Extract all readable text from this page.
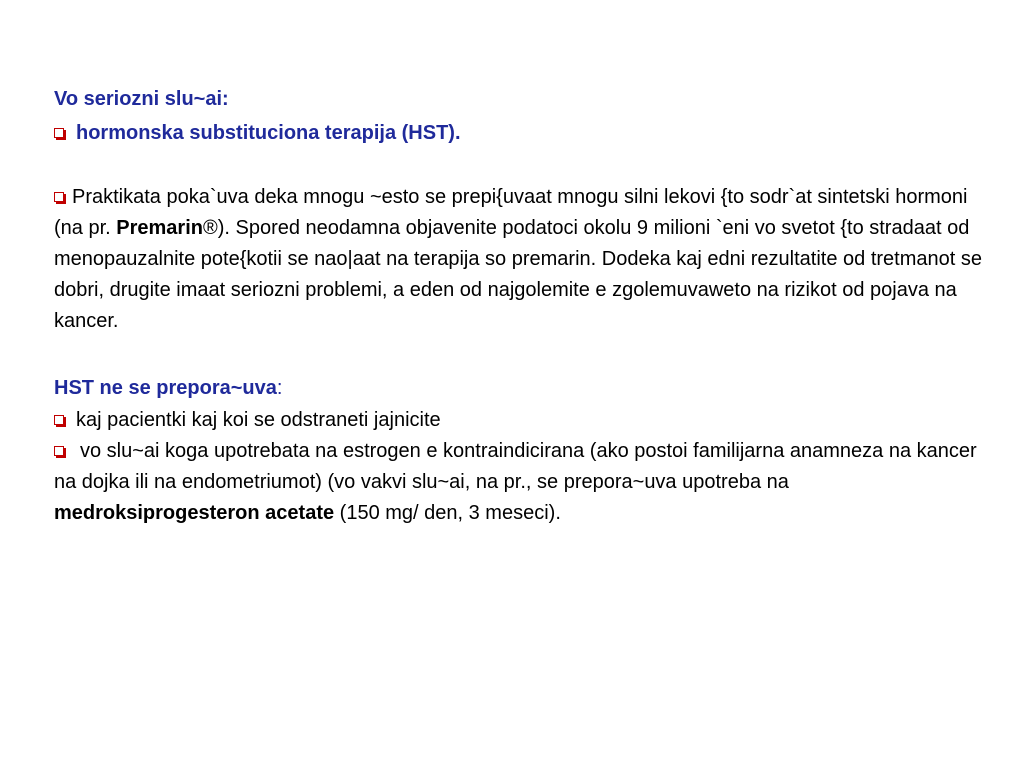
Vo seriozni slu~ai:

hormonska substituciona terapija (HST).

Praktikata poka`uva deka mnogu ~esto se prepi{uvaat mnogu silni lekovi {to sodr`at sintetski hormoni (na pr. Premarin®). Spored neodamna objavenite podatoci okolu 9 milioni `eni vo svetot {to stradaat od menopauzalnite pote{kotii se nao|aat na terapija so premarin. Dodeka kaj edni rezultatite od tretmanot se dobri, drugite imaat seriozni problemi, a eden od najgolemite e zgolemuvaweto na rizikot od pojava na kancer.

HST ne se prepora~uva:

kaj pacientki kaj koi se odstraneti jajnicite

vo slu~ai koga upotrebata na estrogen e kontraindicirana (ako postoi familijarna anamneza na kancer na dojka ili na endometriumot) (vo vakvi slu~ai, na pr., se prepora~uva upotreba na medroksiprogesteron acetate (150 mg/ den, 3 meseci).
